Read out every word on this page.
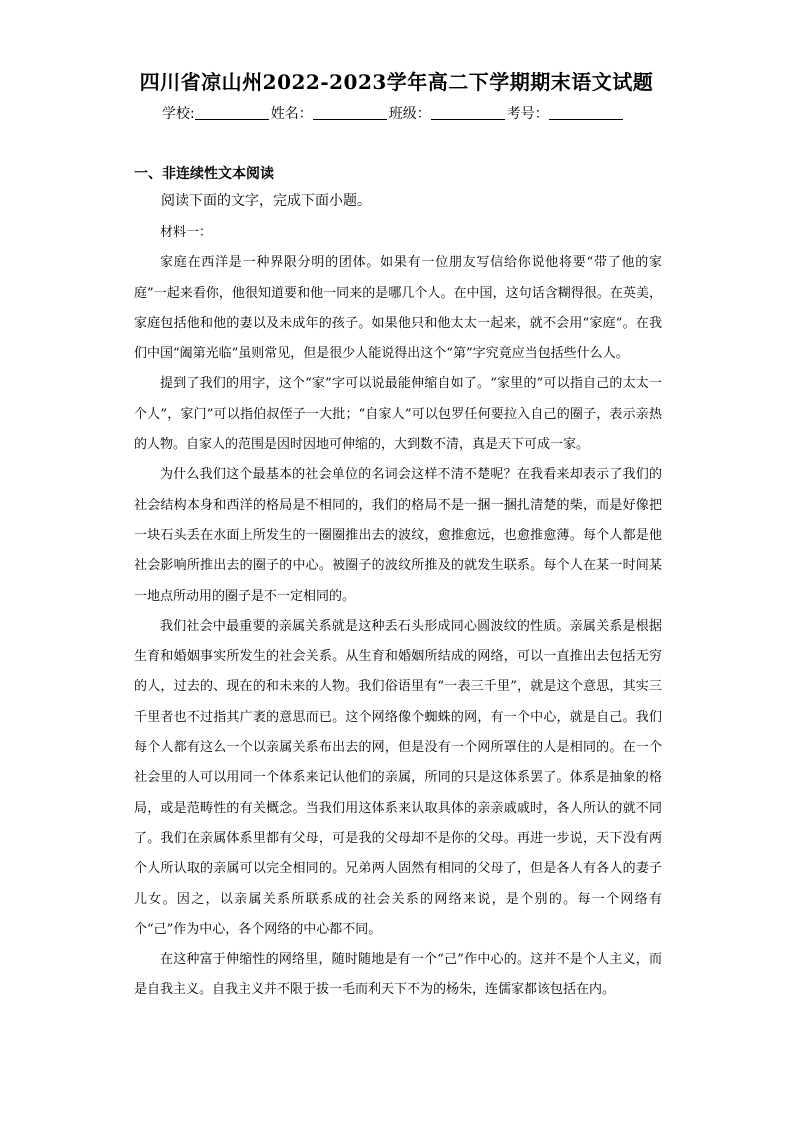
四川省凉山州2022-2023学年高二下学期期末语文试题
学校:	姓名：	班级：	考号：
一、非连续性文本阅读
阅读下面的文字，完成下面小题。

材料一：

家庭在西洋是一种界限分明的团体。如果有一位朋友写信给你说他将要“带了他的家庭”一起来看你，他很知道要和他一同来的是哪几个人。在中国，这句话含糊得很。在英美，家庭包括他和他的妻以及未成年的孩子。如果他只和他太太一起来，就不会用“家庭”。在我们中国“阖第光临”虽则常见，但是很少人能说得出这个“第”字究竟应当包括些什么人。

提到了我们的用字，这个“家”字可以说最能伸缩自如了。“家里的”可以指自己的太太一个人”，家门”可以指伯叔侄子一大批；“自家人”可以包罗任何要拉入自己的圈子，表示亲热的人物。自家人的范围是因时因地可伸缩的，大到数不清，真是天下可成一家。

为什么我们这个最基本的社会单位的名词会这样不清不楚呢？在我看来却表示了我们的社会结构本身和西洋的格局是不相同的，我们的格局不是一捆一捆扎清楚的柴，而是好像把一块石头丢在水面上所发生的一圈圈推出去的波纹，愈推愈远，也愈推愈薄。每个人都是他社会影响所推出去的圈子的中心。被圈子的波纹所推及的就发生联系。每个人在某一时间某一地点所动用的圈子是不一定相同的。

我们社会中最重要的亲属关系就是这种丢石头形成同心圆波纹的性质。亲属关系是根据生育和婚姻事实所发生的社会关系。从生育和婚姻所结成的网络，可以一直推出去包括无穷的人，过去的、现在的和未来的人物。我们俗语里有“一表三千里”，就是这个意思，其实三千里者也不过指其广袤的意思而已。这个网络像个蜘蛛的网，有一个中心，就是自己。我们每个人都有这么一个以亲属关系布出去的网，但是没有一个网所罩住的人是相同的。在一个社会里的人可以用同一个体系来记认他们的亲属，所同的只是这体系罢了。体系是抽象的格局，或是范畴性的有关概念。当我们用这体系来认取具体的亲亲戚戚时，各人所认的就不同了。我们在亲属体系里都有父母，可是我的父母却不是你的父母。再进一步说，天下没有两个人所认取的亲属可以完全相同的。兄弟两人固然有相同的父母了，但是各人有各人的妻子儿女。因之，以亲属关系所联系成的社会关系的网络来说，是个别的。每一个网络有个“己”作为中心，各个网络的中心都不同。

在这种富于伸缩性的网络里，随时随地是有一个“己”作中心的。这并不是个人主义，而是自我主义。自我主义并不限于拔一毛而利天下不为的杨朱，连儒家都该包括在内。
